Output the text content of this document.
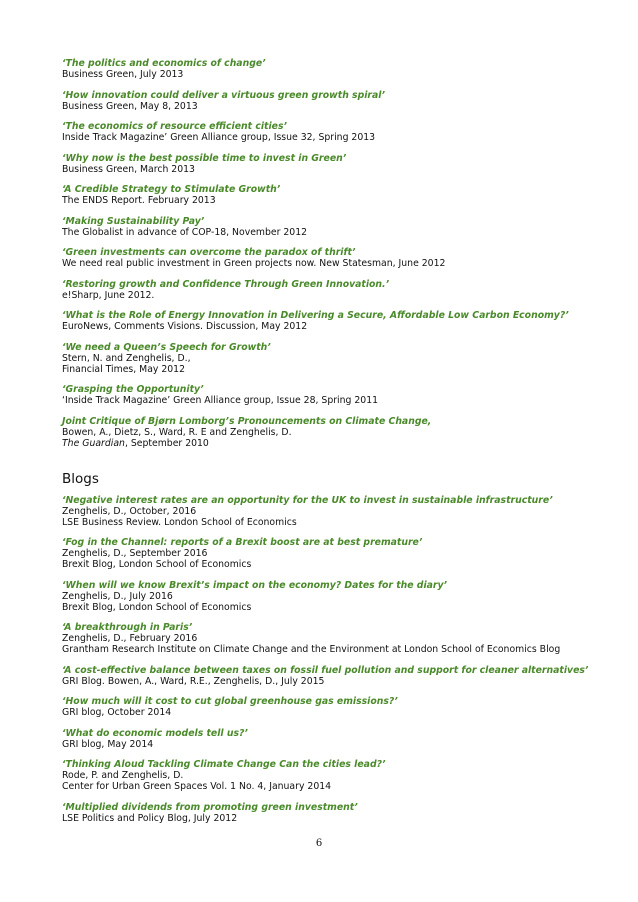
‘The politics and economics of change’
Business Green, July 2013
‘How innovation could deliver a virtuous green growth spiral’
Business Green, May 8, 2013
‘The economics of resource efficient cities’
Inside Track Magazine’ Green Alliance group, Issue 32, Spring 2013
‘Why now is the best possible time to invest in Green’
Business Green, March 2013
‘A Credible Strategy to Stimulate Growth’
The ENDS Report. February 2013
‘Making Sustainability Pay’
The Globalist in advance of COP-18, November 2012
‘Green investments can overcome the paradox of thrift’
We need real public investment in Green projects now. New Statesman, June 2012
‘Restoring growth and Confidence Through Green Innovation.’
e!Sharp, June 2012.
‘What is the Role of Energy Innovation in Delivering a Secure, Affordable Low Carbon Economy?’
EuroNews, Comments Visions. Discussion, May 2012
‘We need a Queen’s Speech for Growth’
Stern, N. and Zenghelis, D.,
Financial Times, May 2012
‘Grasping the Opportunity’
‘Inside Track Magazine’ Green Alliance group, Issue 28, Spring 2011
Joint Critique of Bjørn Lomborg’s Pronouncements on Climate Change,
Bowen, A., Dietz, S., Ward, R. E and Zenghelis, D.
The Guardian, September 2010
Blogs
‘Negative interest rates are an opportunity for the UK to invest in sustainable infrastructure’
Zenghelis, D., October, 2016
LSE Business Review. London School of Economics
‘Fog in the Channel: reports of a Brexit boost are at best premature’
Zenghelis, D., September 2016
Brexit Blog, London School of Economics
‘When will we know Brexit’s impact on the economy? Dates for the diary’
Zenghelis, D., July 2016
Brexit Blog, London School of Economics
‘A breakthrough in Paris’
Zenghelis, D., February 2016
Grantham Research Institute on Climate Change and the Environment at London School of Economics Blog
‘A cost-effective balance between taxes on fossil fuel pollution and support for cleaner alternatives’
GRI Blog. Bowen, A., Ward, R.E., Zenghelis, D., July 2015
‘How much will it cost to cut global greenhouse gas emissions?’
GRI blog, October 2014
‘What do economic models tell us?’
GRI blog, May 2014
‘Thinking Aloud Tackling Climate Change Can the cities lead?’
Rode, P. and Zenghelis, D.
Center for Urban Green Spaces Vol. 1 No. 4, January 2014
‘Multiplied dividends from promoting green investment’
LSE Politics and Policy Blog, July 2012
6
